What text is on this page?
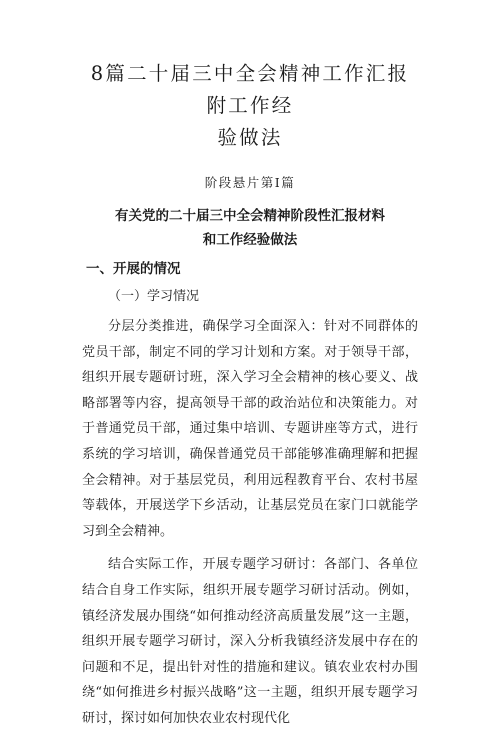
8篇二十届三中全会精神工作汇报附工作经
验做法
阶段悬片第Ⅰ篇
有关党的二十届三中全会精神阶段性汇报材料
和工作经验做法
一、开展的情况
（一）学习情况

分层分类推进，确保学习全面深入：针对不同群体的党员干部，制定不同的学习计划和方案。对于领导干部，组织开展专题研讨班，深入学习全会精神的核心要义、战略部署等内容，提高领导干部的政治站位和决策能力。对于普通党员干部，通过集中培训、专题讲座等方式，进行系统的学习培训，确保普通党员干部能够准确理解和把握全会精神。对于基层党员，利用远程教育平台、农村书屋等载体，开展送学下乡活动，让基层党员在家门口就能学习到全会精神。

结合实际工作，开展专题学习研讨：各部门、各单位结合自身工作实际，组织开展专题学习研讨活动。例如，镇经济发展办围绕“如何推动经济高质量发展”这一主题，组织开展专题学习研讨，深入分析我镇经济发展中存在的问题和不足，提出针对性的措施和建议。镇农业农村办围绕“如何推进乡村振兴战略”这一主题，组织开展专题学习研讨，探讨如何加快农业农村现代化
